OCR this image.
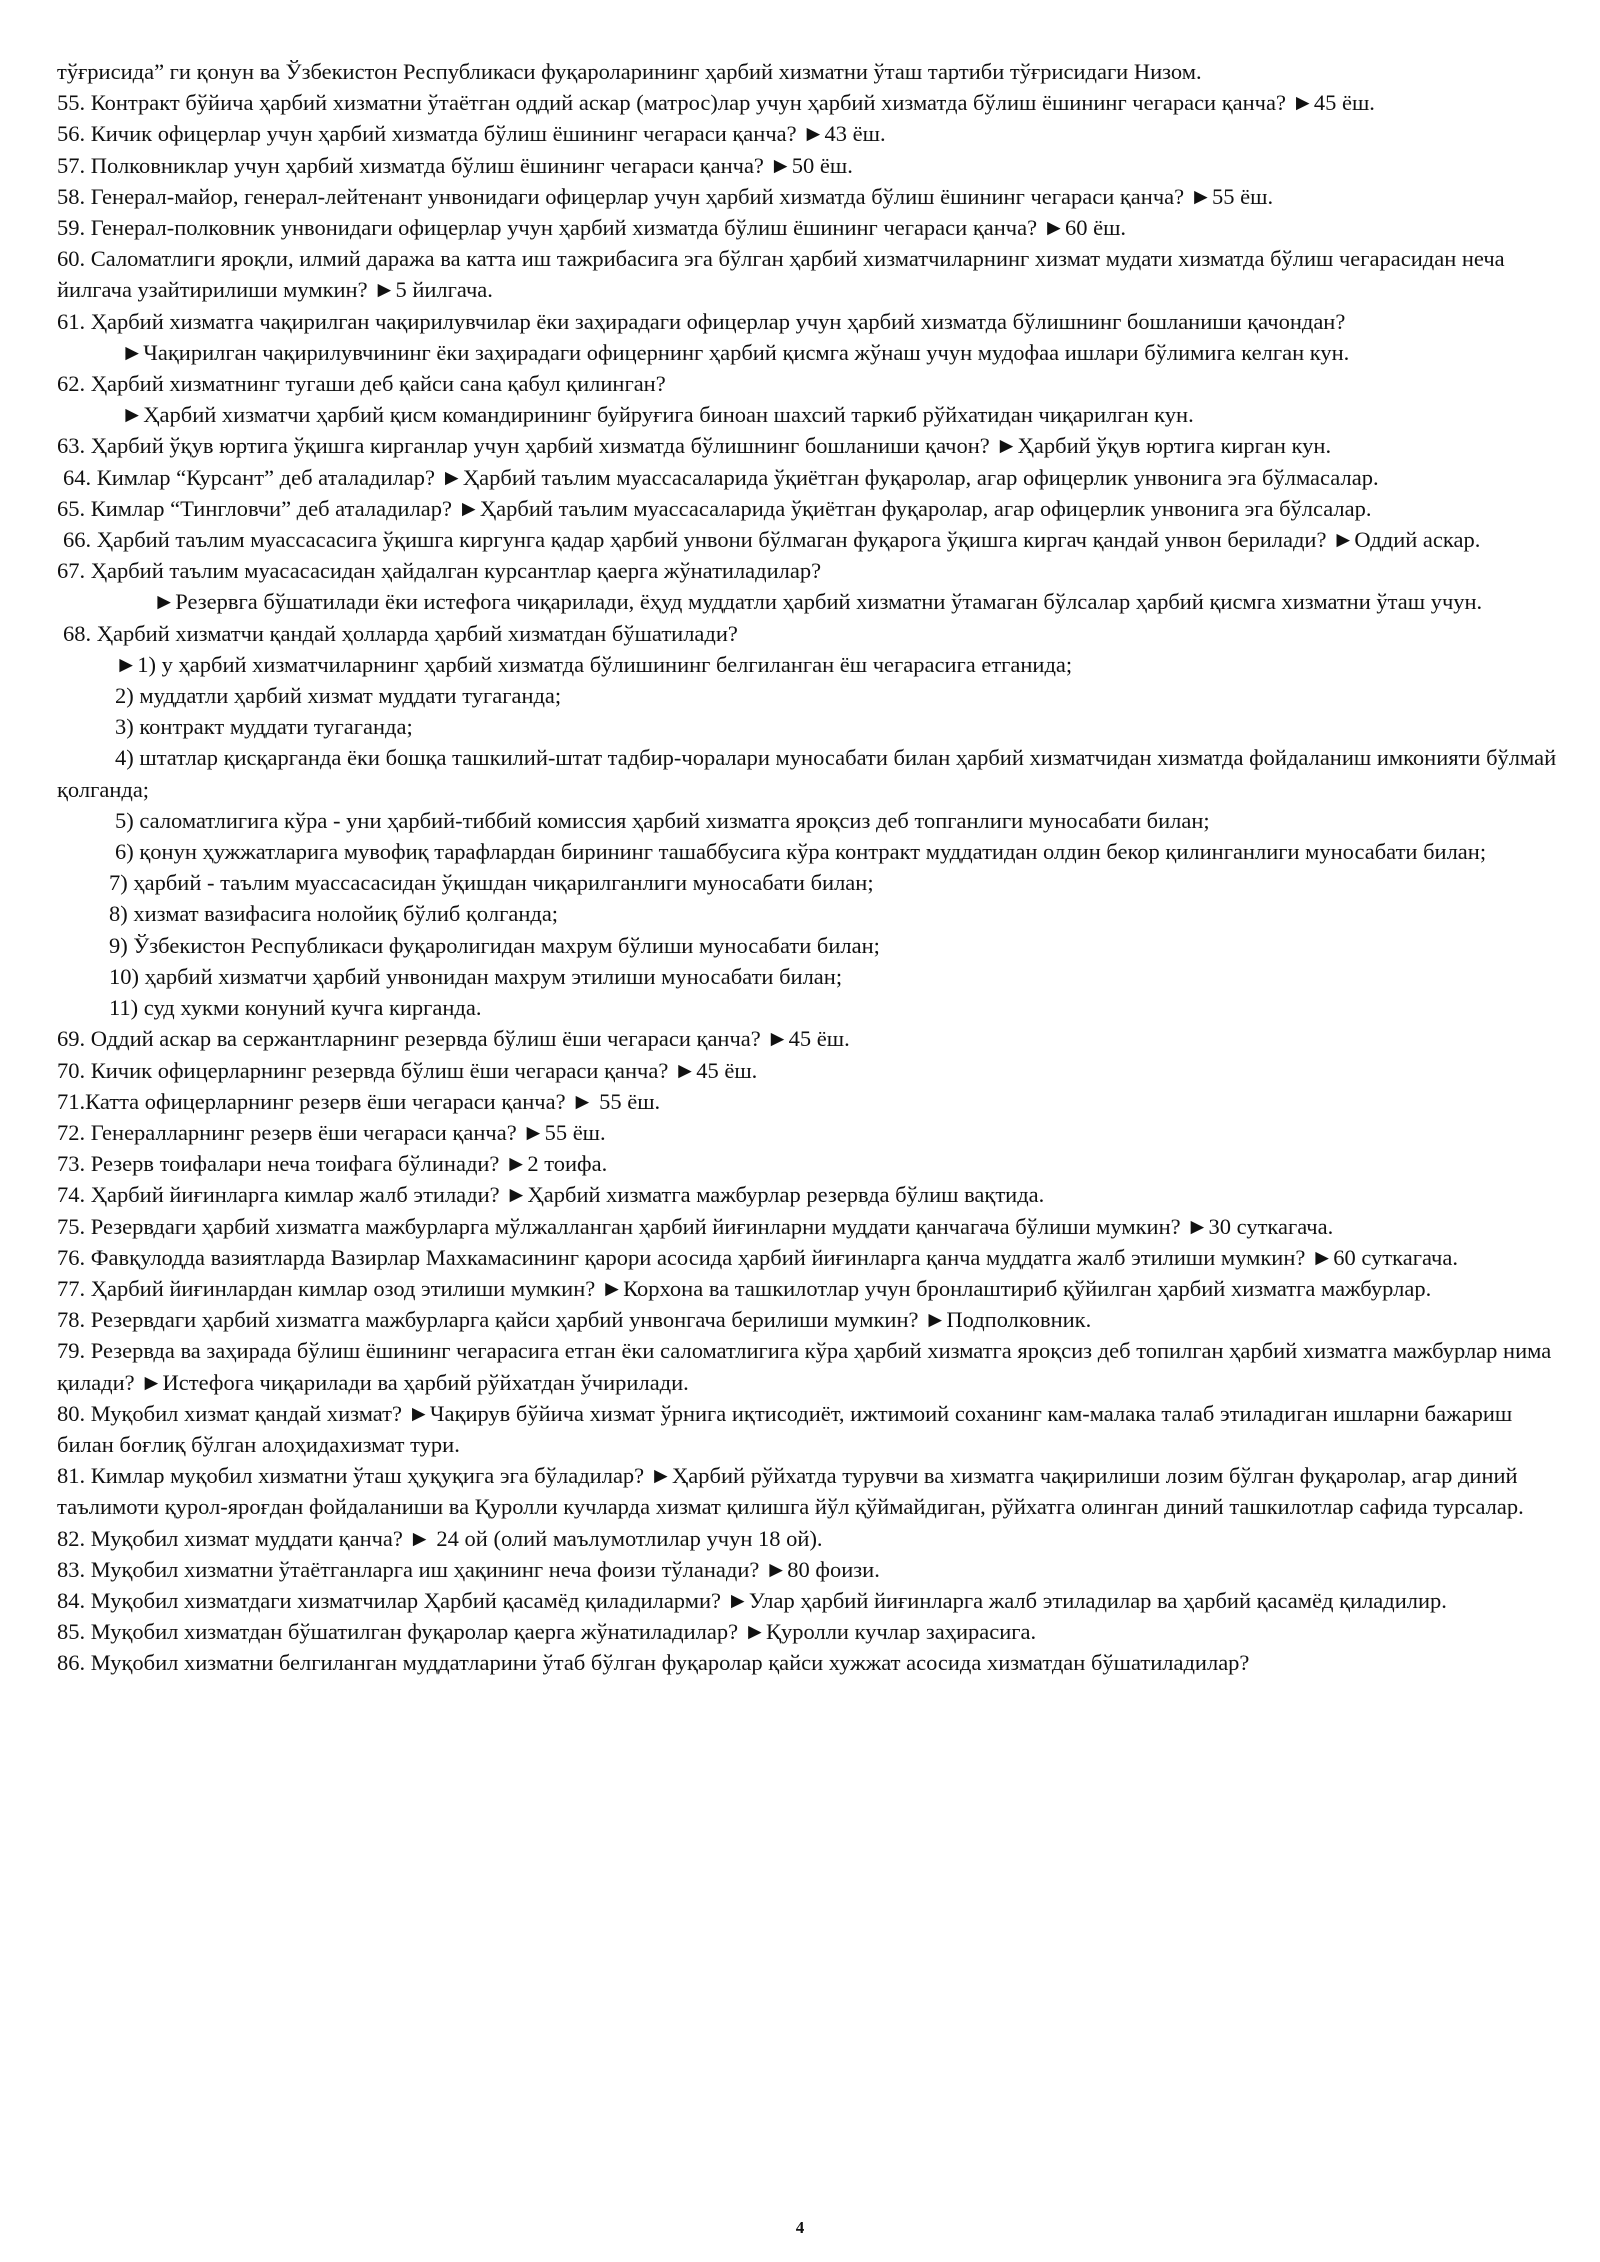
тўғрисида” ги қонун ва Ўзбекистон Республикаси фуқароларининг ҳарбий хизматни ўташ тартиби тўғрисидаги Низом.

55. Контракт бўйича ҳарбий хизматни ўтаётган оддий аскар (матрос)лар учун ҳарбий хизматда бўлиш ёшининг чегараси қанча? ►45 ёш.

56. Кичик офицерлар учун ҳарбий хизматда бўлиш ёшининг чегараси қанча? ►43 ёш.

57. Полковниклар учун ҳарбий хизматда бўлиш ёшининг чегараси қанча? ►50 ёш.

58. Генерал-майор, генерал-лейтенант унвонидаги офицерлар учун ҳарбий хизматда бўлиш ёшининг чегараси қанча? ►55 ёш.

59. Генерал-полковник унвонидаги офицерлар учун ҳарбий хизматда бўлиш ёшининг чегараси қанча? ►60 ёш.

60. Саломатлиги яроқли, илмий даража ва катта иш тажрибасига эга бўлган ҳарбий хизматчиларнинг хизмат мудати хизматда бўлиш чегарасидан неча йилгача узайтирилиши мумкин? ►5 йилгача.

61. Ҳарбий хизматга чақирилган чақирилувчилар ёки заҳирадаги офицерлар учун ҳарбий хизматда бўлишнинг бошланиши қачондан?

►Чақирилган чақирилувчининг ёки заҳирадаги офицернинг ҳарбий қисмга жўнаш учун мудофаа ишлари бўлимига келган кун.

62. Ҳарбий хизматнинг тугаши деб қайси сана қабул қилинган?

►Ҳарбий хизматчи ҳарбий қисм командирининг буйруғига биноан шахсий таркиб рўйхатидан чиқарилган кун.

63. Ҳарбий ўқув юртига ўқишга кирганлар учун ҳарбий хизматда бўлишнинг бошланиши қачон? ►Ҳарбий ўқув юртига кирган кун.

64. Кимлар “Курсант” деб аталадилар? ►Ҳарбий таълим муассасаларида ўқиётган фуқаролар, агар офицерлик унвонига эга бўлмасалар.

65. Кимлар “Тингловчи” деб аталадилар? ►Ҳарбий таълим муассасаларида ўқиётган фуқаролар, агар офицерлик унвонига эга бўлсалар.

66. Ҳарбий таълим муассасасига ўқишга киргунга қадар ҳарбий унвони бўлмаган фуқарога ўқишга киргач қандай унвон берилади? ►Оддий аскар.

67. Ҳарбий таълим муасасасидан ҳайдалган курсантлар қаерга жўнатиладилар?

►Резервга бўшатилади ёки истефога чиқарилади, ёҳуд муддатли ҳарбий хизматни ўтамаган бўлсалар ҳарбий қисмга хизматни ўташ учун.

68. Ҳарбий хизматчи қандай ҳолларда ҳарбий хизматдан бўшатилади?

►1) у ҳарбий хизматчиларнинг ҳарбий хизматда бўлишининг белгиланган ёш чегарасига етганида;

2) муддатли ҳарбий хизмат муддати тугаганда;

3) контракт муддати тугаганда;

4) штатлар қисқарганда ёки бошқа ташкилий-штат тадбир-чоралари муносабати билан ҳарбий хизматчидан хизматда фойдаланиш имконияти бўлмай қолганда;

5) саломатлигига кўра - уни ҳарбий-тиббий комиссия ҳарбий хизматга яроқсиз деб топганлиги муносабати билан;

6) қонун ҳужжатларига мувофиқ тарафлардан бирининг ташаббусига кўра контракт муддатидан олдин бекор қилинганлиги муносабати билан;

7) ҳарбий - таълим муассасасидан ўқишдан чиқарилганлиги муносабати билан;

8) хизмат вазифасига нолойиқ бўлиб қолганда;

9) Ўзбекистон Республикаси фуқаролигидан махрум бўлиши муносабати билан;

10) ҳарбий хизматчи ҳарбий унвонидан махрум этилиши муносабати билан;

11) суд хукми конуний кучга кирганда.

69. Оддий аскар ва сержантларнинг резервда бўлиш ёши чегараси қанча? ►45 ёш.

70. Кичик офицерларнинг резервда бўлиш ёши чегараси қанча? ►45 ёш.

71.Катта офицерларнинг резерв ёши чегараси қанча? ► 55 ёш.

72. Генералларнинг резерв ёши чегараси қанча? ►55 ёш.

73. Резерв тоифалари неча тоифага бўлинади? ►2 тоифа.

74. Ҳарбий йиғинларга кимлар жалб этилади? ►Ҳарбий хизматга мажбурлар резервда бўлиш вақтида.

75. Резервдаги ҳарбий хизматга мажбурларга мўлжалланган ҳарбий йиғинларни муддати қанчагача бўлиши мумкин? ►30 суткагача.

76. Фавқулодда вазиятларда Вазирлар Махкамасининг қарори асосида ҳарбий йиғинларга қанча муддатга жалб этилиши мумкин? ►60 суткагача.

77. Ҳарбий йиғинлардан кимлар озод этилиши мумкин? ►Корхона ва ташкилотлар учун бронлаштириб қўйилган ҳарбий хизматга мажбурлар.

78. Резервдаги ҳарбий хизматга мажбурларга қайси ҳарбий унвонгача берилиши мумкин? ►Подполковник.

79. Резервда ва заҳирада бўлиш ёшининг чегарасига етган ёки саломатлигига кўра ҳарбий хизматга яроқсиз деб топилган ҳарбий хизматга мажбурлар нима қилади? ►Истефога чиқарилади ва ҳарбий рўйхатдан ўчирилади.

80. Муқобил хизмат қандай хизмат? ►Чақирув бўйича хизмат ўрнига иқтисодиёт, ижтимоий соханинг кам-малака талаб этиладиган ишларни бажариш билан боғлиқ бўлган алоҳидахизмат тури.

81. Кимлар муқобил хизматни ўташ ҳуқуқига эга бўладилар? ►Ҳарбий рўйхатда турувчи ва хизматга чақирилиши лозим бўлган фуқаролар, агар диний таълимоти қурол-яроғдан фойдаланиши ва Қуролли кучларда хизмат қилишга йўл қўймайдиган, рўйхатга олинган диний ташкилотлар сафида турсалар.

82. Муқобил хизмат муддати қанча? ► 24 ой (олий маълумотлилар учун 18 ой).

83. Муқобил хизматни ўтаётганларга иш ҳақининг неча фоизи тўланади? ►80 фоизи.

84. Муқобил хизматдаги хизматчилар Ҳарбий қасамёд қиладиларми? ►Улар ҳарбий йиғинларга жалб этиладилар ва ҳарбий қасамёд қиладилир.

85. Муқобил хизматдан бўшатилган фуқаролар қаерга жўнатиладилар? ►Қуролли кучлар заҳирасига.

86. Муқобил хизматни белгиланган муддатларини ўтаб бўлган фуқаролар қайси хужжат асосида хизматдан бўшатиладилар?

4
